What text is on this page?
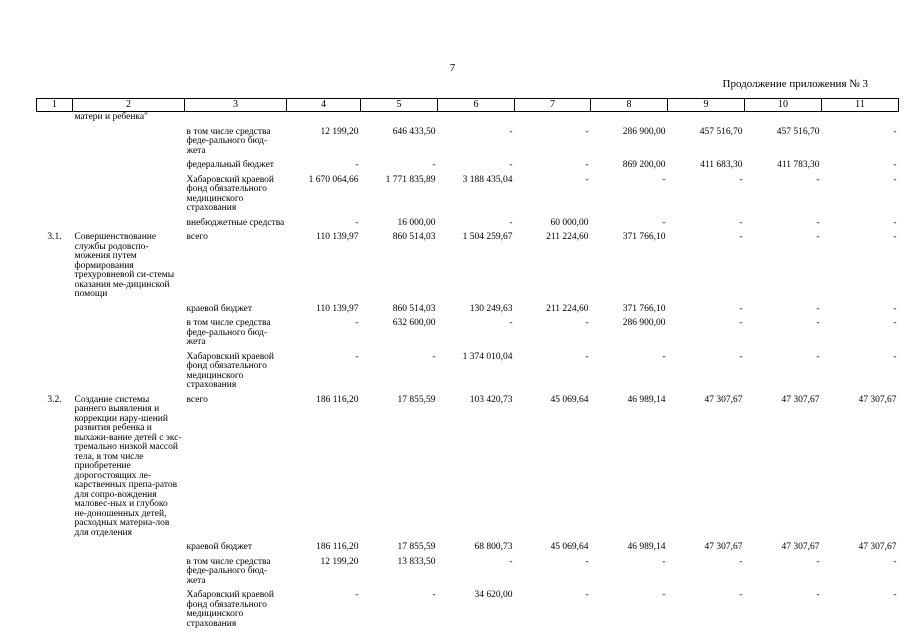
7
Продолжение приложения № 3
1	2	3	4	5	6	7	8	9	10	11
	матери и ребенка"									
		в том числе средства феде-рального бюд-жета	12 199,20	646 433,50	-	-	286 900,00	457 516,70	457 516,70	-
		федеральный бюджет	-	-	-	-	869 200,00	411 683,30	411 783,30	-
		Хабаровский краевой фонд обязательного медицинского страхования	1 670 064,66	1 771 835,89	3 188 435,04	-	-	-	-	-
		внебюджетные средства	-	16 000,00	-	60 000,00	-	-	-	-
3.1.	Совершенствование службы родовспо-можения путем формирования трехуровневой си-стемы оказания ме-дицинской помощи	всего	110 139,97	860 514,03	1 504 259,67	211 224,60	371 766,10	-	-	-
		краевой бюджет	110 139,97	860 514,03	130 249,63	211 224,60	371 766,10	-	-	-
		в том числе средства феде-рального бюд-жета	-	632 600,00	-	-	286 900,00	-	-	-
		Хабаровский краевой фонд обязательного медицинского страхования	-	-	1 374 010,04	-	-	-	-	-
3.2.	Создание системы раннего выявления и коррекции нару-шений развития ребенка и выхажи-вание детей с экс-тремально низкой массой тела, в том числе приобретение дорогостоящих ле-карственных препа-ратов для сопро-вождения маловес-ных и глубоко не-доношенных детей, расходных материа-лов для отделения	всего	186 116,20	17 855,59	103 420,73	45 069,64	46 989,14	47 307,67	47 307,67	47 307,67
		краевой бюджет	186 116,20	17 855,59	68 800,73	45 069,64	46 989,14	47 307,67	47 307,67	47 307,67
		в том числе средства феде-рального бюд-жета	12 199,20	13 833,50	-	-	-	-	-	-
		Хабаровский краевой фонд обязательного медицинского страхования	-	-	34 620,00	-	-	-	-	-
